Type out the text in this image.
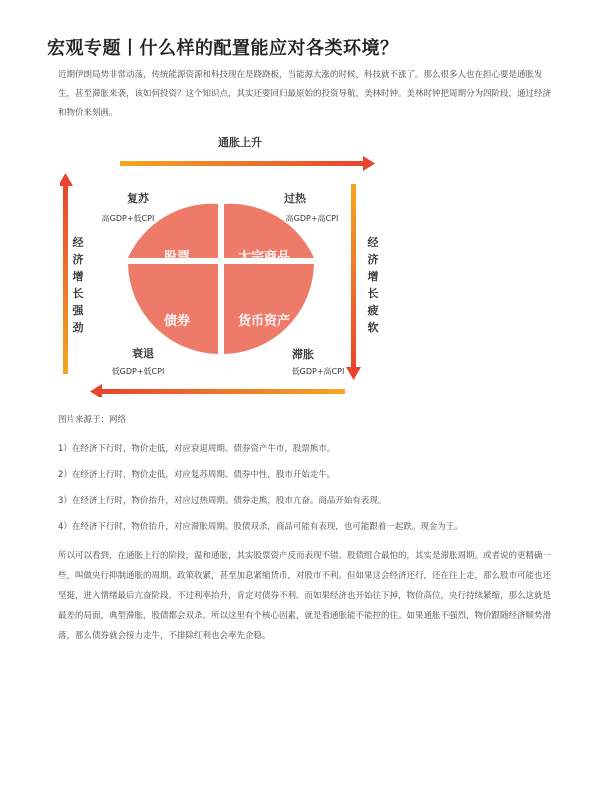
宏观专题丨什么样的配置能应对各类环境？
近期伊朗局势非常动荡，传统能源资源和科技现在是跷跷板，当能源大涨的时候，科技就不涨了。那么很多人也在担心要是通胀发生，甚至滞胀来袭，该如何投资？这个知识点，其实还要回归最原始的投资导航，美林时钟。美林时钟把周期分为四阶段，通过经济和物价来刻画。
通胀上升
经
济
增
长
强
劲
经
济
增
长
疲
软
股票	大宗商品
债券	货币资产
复苏
高GDP+低CPI
过热
高GDP+高CPI
衰退
低GDP+低CPI
滞胀
低GDP+高CPI
图片来源于：网络
1）在经济下行时，物价走低，对应衰退周期。债券资产牛市，股票熊市。
2）在经济上行时，物价走低，对应复苏周期。债券中性，股市开始走牛。
3）在经济上行时，物价抬升，对应过热周期。债券走熊，股市亢奋。商品开始有表现。
4）在经济下行时，物价抬升，对应滞胀周期。股债双杀，商品可能有表现，也可能跟着一起跌。现金为王。
所以可以看到，在通胀上行的阶段，温和通胀，其实股票资产反而表现不错。股债组合最怕的，其实是滞胀周期。或者说的更精确一些，叫做央行抑制通胀的周期。政策收紧，甚至加息紧缩货币，对股市不利。但如果这会经济还行，还在往上走，那么股市可能也还坚挺，进入情绪最后亢奋阶段。不过利率抬升，肯定对债券不利。而如果经济也开始往下掉，物价高位，央行持续紧缩，那么这就是最差的局面，典型滞胀，股债都会双杀。所以这里有个核心因素，就是看通胀能不能控的住。如果通胀不强烈，物价跟随经济顺势滑落，那么债券就会接力走牛，不排除红利也会率先企稳。
